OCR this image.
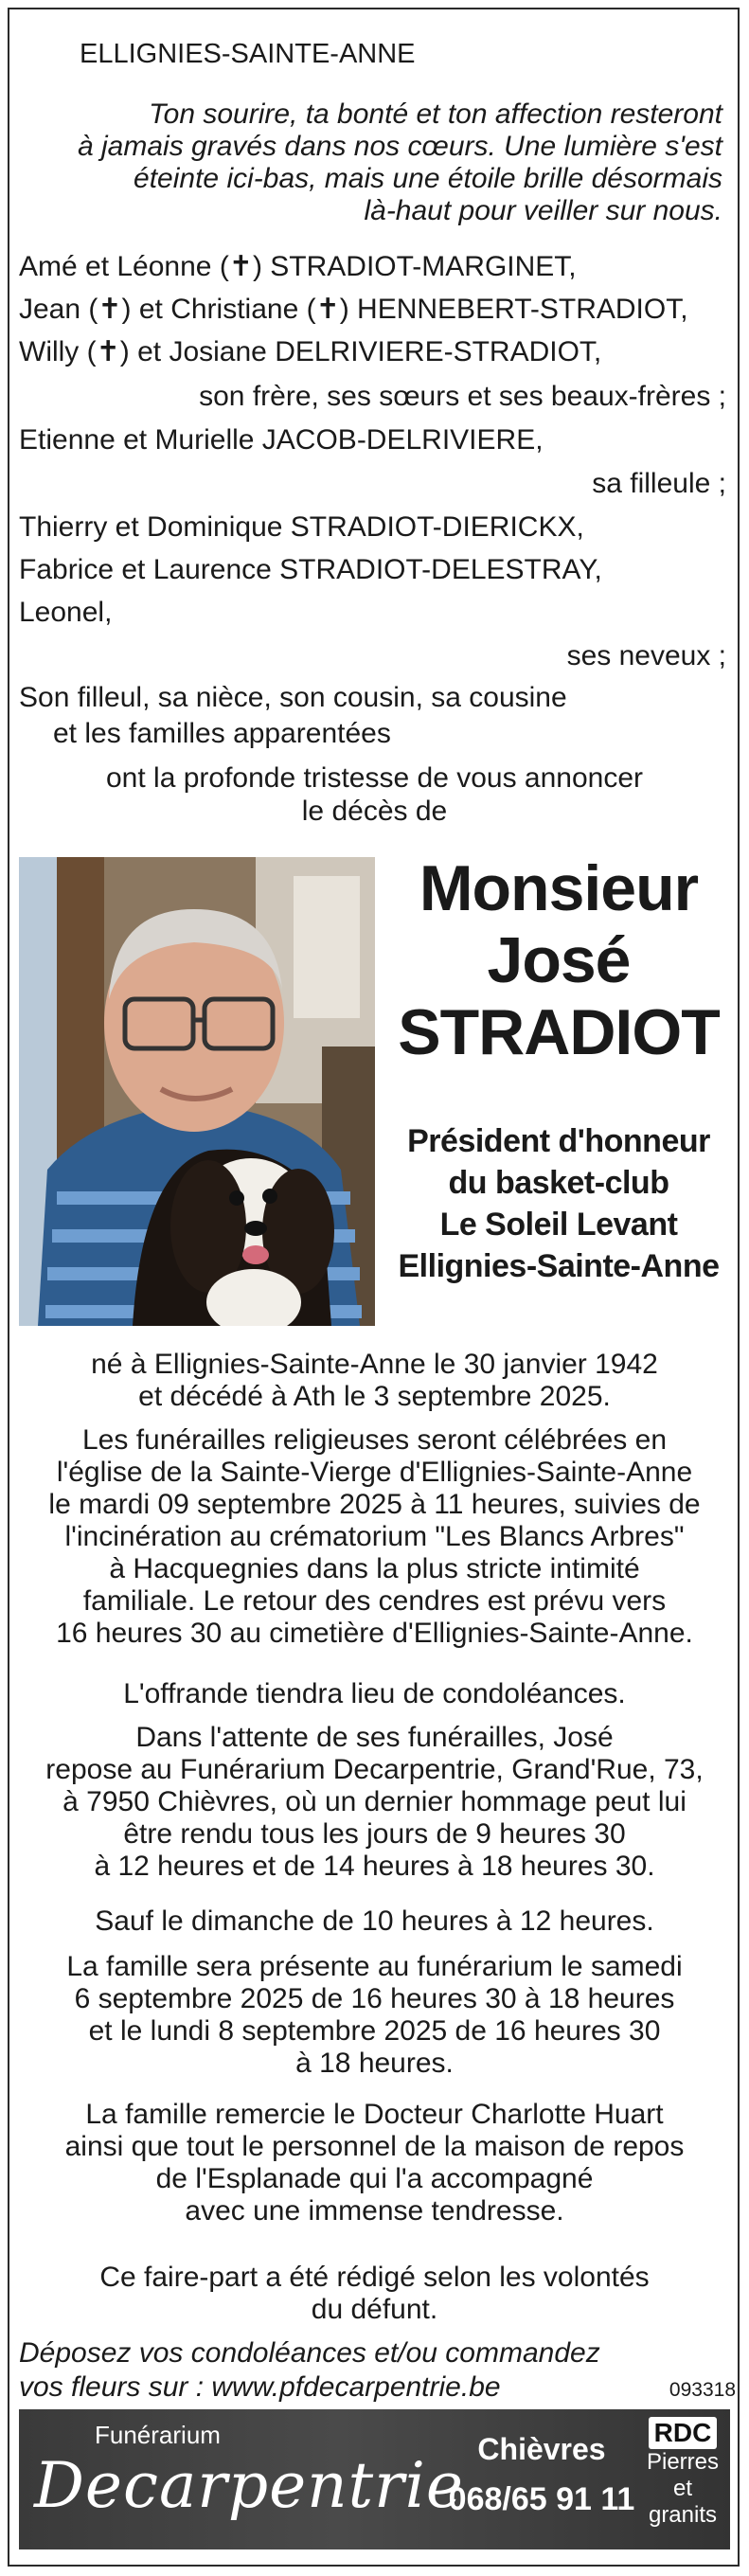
ELLIGNIES-SAINTE-ANNE

Ton sourire, ta bonté et ton affection resteront

à jamais gravés dans nos cœurs. Une lumière s'est

éteinte ici-bas, mais une étoile brille désormais

là-haut pour veiller sur nous.

Amé et Léonne (✝) STRADIOT-MARGINET,

Jean (✝) et Christiane (✝) HENNEBERT-STRADIOT,

Willy (✝) et Josiane DELRIVIERE-STRADIOT,

son frère, ses sœurs et ses beaux-frères ;

Etienne et Murielle JACOB-DELRIVIERE,

sa filleule ;

Thierry et Dominique STRADIOT-DIERICKX,

Fabrice et Laurence STRADIOT-DELESTRAY,

Leonel,

ses neveux ;

Son filleul, sa nièce, son cousin, sa cousine

et les familles apparentées

ont la profonde tristesse de vous annoncer

le décès de

Monsieur
José
STRADIOT
Président d'honneur
du basket-club
Le Soleil Levant
Ellignies-Sainte-Anne

né à Ellignies-Sainte-Anne le 30 janvier 1942

et décédé à Ath le 3 septembre 2025.

Les funérailles religieuses seront célébrées en

l'église de la Sainte-Vierge d'Ellignies-Sainte-Anne

le mardi 09 septembre 2025 à 11 heures, suivies de

l'incinération au crématorium "Les Blancs Arbres"

à Hacquegnies dans la plus stricte intimité

familiale. Le retour des cendres est prévu vers

16 heures 30 au cimetière d'Ellignies-Sainte-Anne.

L'offrande tiendra lieu de condoléances.

Dans l'attente de ses funérailles, José

repose au Funérarium Decarpentrie, Grand'Rue, 73,

à 7950 Chièvres, où un dernier hommage peut lui

être rendu tous les jours de 9 heures 30

à 12 heures et de 14 heures à 18 heures 30.

Sauf le dimanche de 10 heures à 12 heures.

La famille sera présente au funérarium le samedi

6 septembre 2025 de 16 heures 30 à 18 heures

et le lundi 8 septembre 2025 de 16 heures 30

à 18 heures.

La famille remercie le Docteur Charlotte Huart

ainsi que tout le personnel de la maison de repos

de l'Esplanade qui l'a accompagné

avec une immense tendresse.

Ce faire-part a été rédigé selon les volontés

du défunt.

Déposez vos condoléances et/ou commandez

vos fleurs sur : www.pfdecarpentrie.be	093318

Funérarium
Decarpentrie Chièvres
068/65 91 11
RDC
Pierres
et granits
